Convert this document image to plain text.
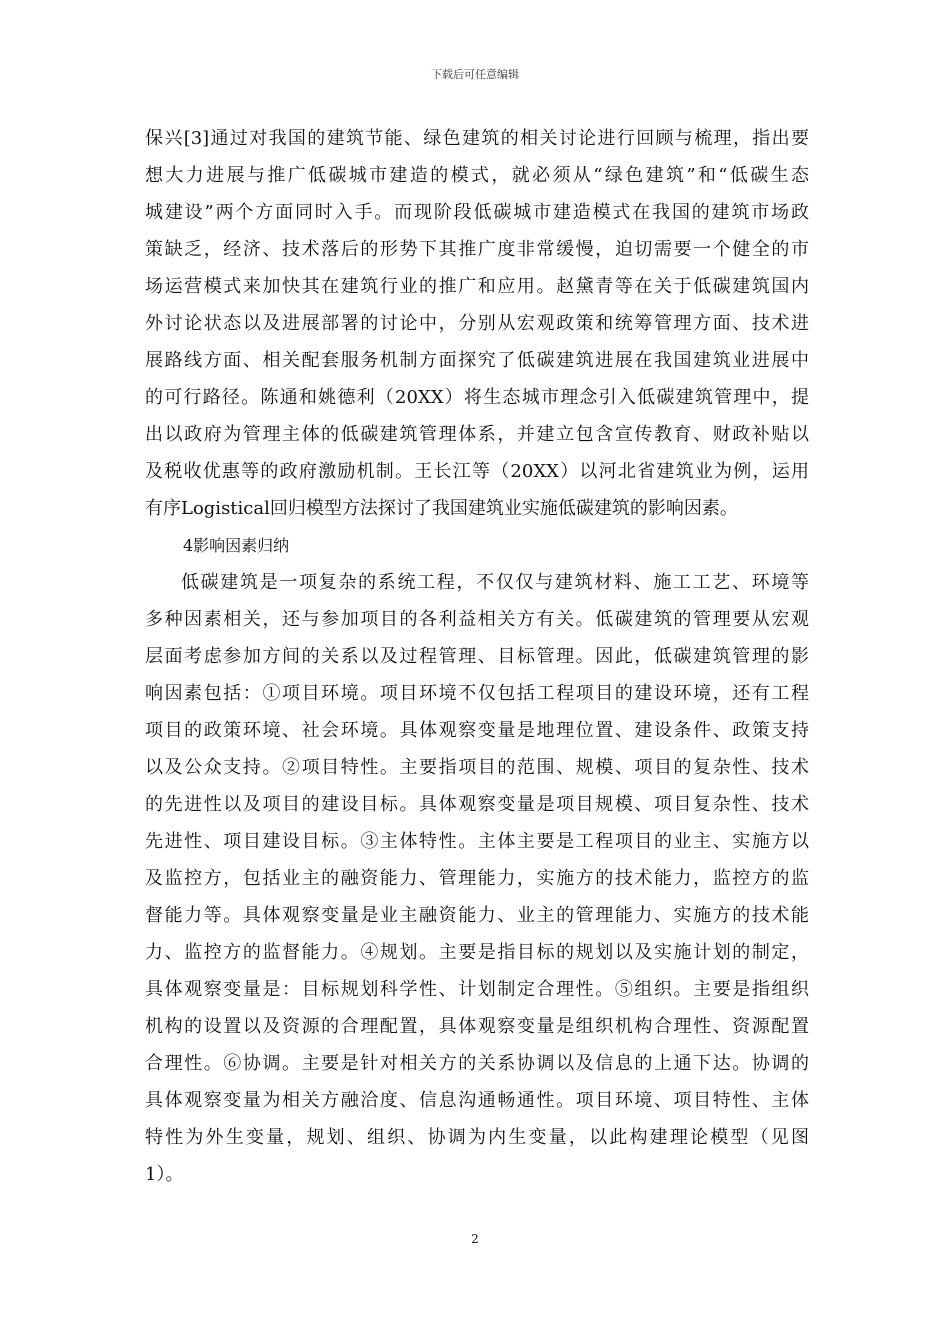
下载后可任意编辑
保兴[3]通过对我国的建筑节能、绿色建筑的相关讨论进行回顾与梳理，指出要
想大力进展与推广低碳城市建造的模式，就必须从“绿色建筑”和“低碳生态
城建设”两个方面同时入手。而现阶段低碳城市建造模式在我国的建筑市场政
策缺乏，经济、技术落后的形势下其推广度非常缓慢，迫切需要一个健全的市
场运营模式来加快其在建筑行业的推广和应用。赵黛青等在关于低碳建筑国内
外讨论状态以及进展部署的讨论中，分别从宏观政策和统筹管理方面、技术进
展路线方面、相关配套服务机制方面探究了低碳建筑进展在我国建筑业进展中
的可行路径。陈通和姚德利（20XX）将生态城市理念引入低碳建筑管理中，提
出以政府为管理主体的低碳建筑管理体系，并建立包含宣传教育、财政补贴以
及税收优惠等的政府激励机制。王长江等（20XX）以河北省建筑业为例，运用
有序Logistical回归模型方法探讨了我国建筑业实施低碳建筑的影响因素。
4影响因素归纳
低碳建筑是一项复杂的系统工程，不仅仅与建筑材料、施工工艺、环境等
多种因素相关，还与参加项目的各利益相关方有关。低碳建筑的管理要从宏观
层面考虑参加方间的关系以及过程管理、目标管理。因此，低碳建筑管理的影
响因素包括：①项目环境。项目环境不仅包括工程项目的建设环境，还有工程
项目的政策环境、社会环境。具体观察变量是地理位置、建设条件、政策支持
以及公众支持。②项目特性。主要指项目的范围、规模、项目的复杂性、技术
的先进性以及项目的建设目标。具体观察变量是项目规模、项目复杂性、技术
先进性、项目建设目标。③主体特性。主体主要是工程项目的业主、实施方以
及监控方，包括业主的融资能力、管理能力，实施方的技术能力，监控方的监
督能力等。具体观察变量是业主融资能力、业主的管理能力、实施方的技术能
力、监控方的监督能力。④规划。主要是指目标的规划以及实施计划的制定，
具体观察变量是：目标规划科学性、计划制定合理性。⑤组织。主要是指组织
机构的设置以及资源的合理配置，具体观察变量是组织机构合理性、资源配置
合理性。⑥协调。主要是针对相关方的关系协调以及信息的上通下达。协调的
具体观察变量为相关方融洽度、信息沟通畅通性。项目环境、项目特性、主体
特性为外生变量，规划、组织、协调为内生变量，以此构建理论模型（见图
1）。
2
